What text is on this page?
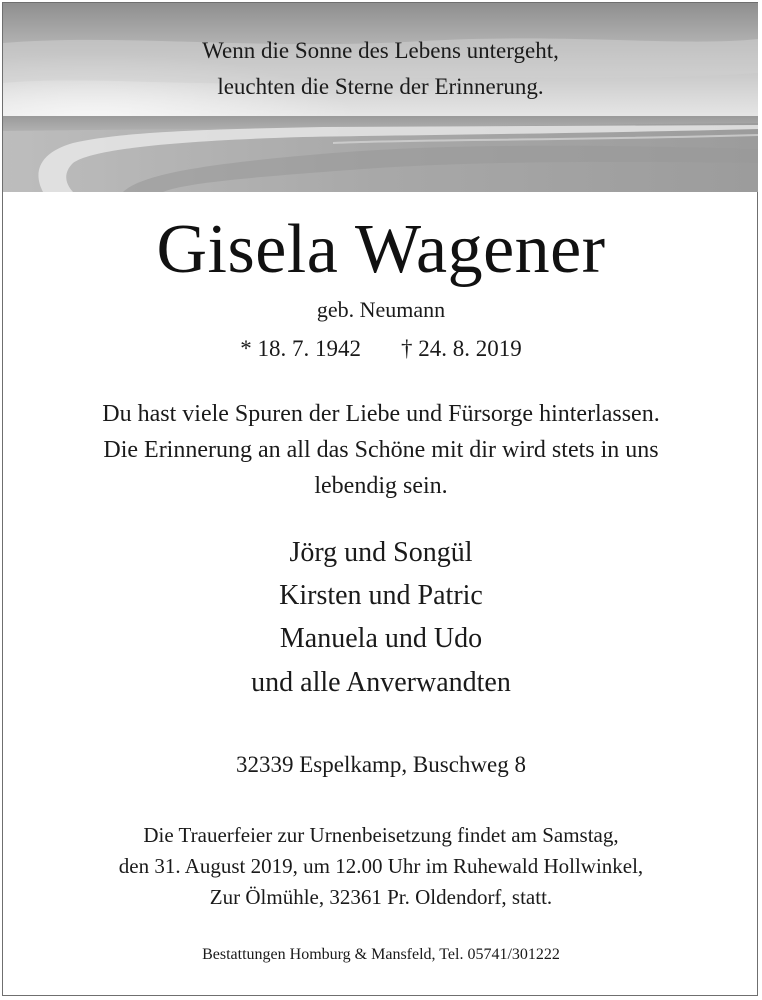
Wenn die Sonne des Lebens untergeht,
leuchten die Sterne der Erinnerung.
Gisela Wagener
geb. Neumann
* 18. 7. 1942 † 24. 8. 2019
Du hast viele Spuren der Liebe und Fürsorge hinterlassen.
Die Erinnerung an all das Schöne mit dir wird stets in uns
lebendig sein.
Jörg und Songül
Kirsten und Patric
Manuela und Udo
und alle Anverwandten
32339 Espelkamp, Buschweg 8
Die Trauerfeier zur Urnenbeisetzung findet am Samstag,
den 31. August 2019, um 12.00 Uhr im Ruhewald Hollwinkel,
Zur Ölmühle, 32361 Pr. Oldendorf, statt.
Bestattungen Homburg & Mansfeld, Tel. 05741/301222
